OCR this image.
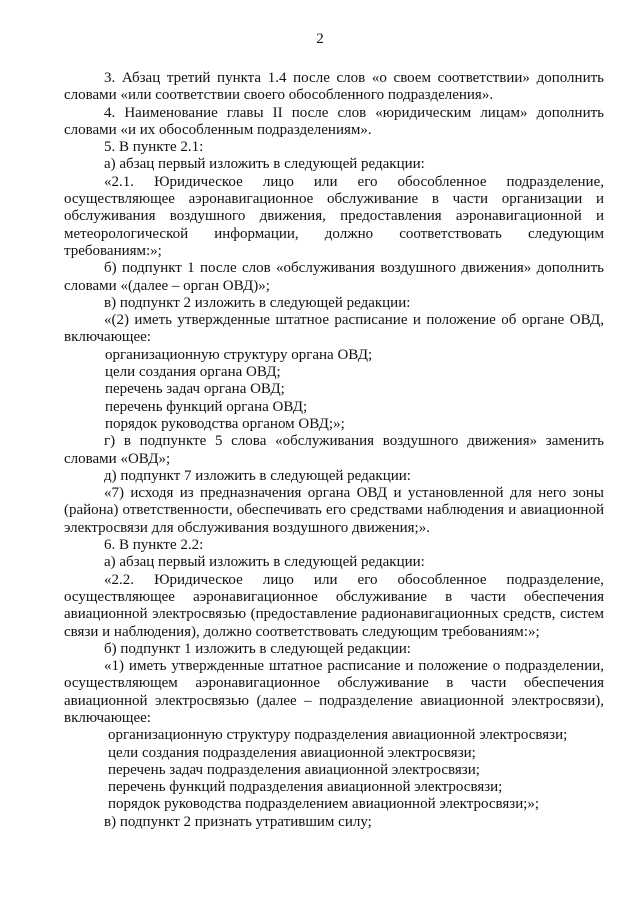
2

3. Абзац третий пункта 1.4 после слов «о своем соответствии» дополнить словами «или соответствии своего обособленного подразделения».

4. Наименование главы II после слов «юридическим лицам» дополнить словами «и их обособленным подразделениям».

5. В пункте 2.1:

а) абзац первый изложить в следующей редакции:

«2.1. Юридическое лицо или его обособленное подразделение, осуществляющее аэронавигационное обслуживание в части организации и обслуживания воздушного движения, предоставления аэронавигационной и метеорологической информации, должно соответствовать следующим требованиям:»;

б) подпункт 1 после слов «обслуживания воздушного движения» дополнить словами «(далее – орган ОВД)»;

в) подпункт 2 изложить в следующей редакции:

«(2) иметь утвержденные штатное расписание и положение об органе ОВД, включающее:

организационную структуру органа ОВД;

цели создания органа ОВД;

перечень задач органа ОВД;

перечень функций органа ОВД;

порядок руководства органом ОВД;»;

г) в подпункте 5 слова «обслуживания воздушного движения» заменить словами «ОВД»;

д) подпункт 7 изложить в следующей редакции:

«7) исходя из предназначения органа ОВД и установленной для него зоны (района) ответственности, обеспечивать его средствами наблюдения и авиационной электросвязи для обслуживания воздушного движения;».

6. В пункте 2.2:

а) абзац первый изложить в следующей редакции:

«2.2. Юридическое лицо или его обособленное подразделение, осуществляющее аэронавигационное обслуживание в части обеспечения авиационной электросвязью (предоставление радионавигационных средств, систем связи и наблюдения), должно соответствовать следующим требованиям:»;

б) подпункт 1 изложить в следующей редакции:

«1) иметь утвержденные штатное расписание и положение о подразделении, осуществляющем аэронавигационное обслуживание в части обеспечения авиационной электросвязью (далее – подразделение авиационной электросвязи), включающее:

организационную структуру подразделения авиационной электросвязи;

цели создания подразделения авиационной электросвязи;

перечень задач подразделения авиационной электросвязи;

перечень функций подразделения авиационной электросвязи;

порядок руководства подразделением авиационной электросвязи;»;

в) подпункт 2 признать утратившим силу;
